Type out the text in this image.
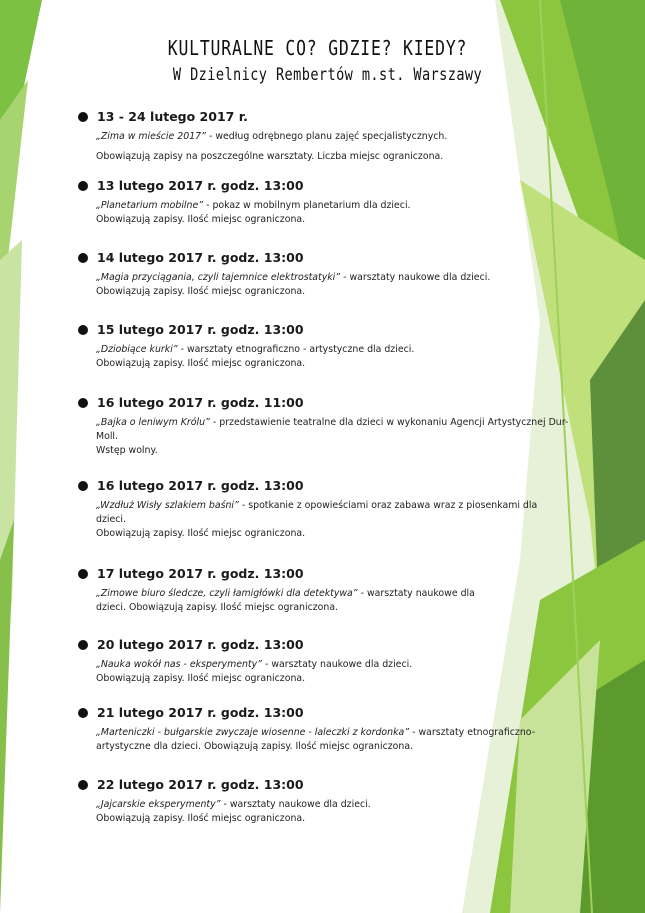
KULTURALNE CO? GDZIE? KIEDY?
W Dzielnicy Rembertów m.st. Warszawy
13 - 24 lutego 2017 r.
„Zima w mieście 2017” - według odrębnego planu zajęć specjalistycznych.
Obowiązują zapisy na poszczególne warsztaty. Liczba miejsc ograniczona.
13 lutego 2017 r. godz. 13:00
„Planetarium mobilne” - pokaz w mobilnym planetarium dla dzieci.
Obowiązują zapisy. Ilość miejsc ograniczona.
14 lutego 2017 r. godz. 13:00
„Magia przyciągania, czyli tajemnice elektrostatyki” - warsztaty naukowe dla dzieci.
Obowiązują zapisy. Ilość miejsc ograniczona.
15 lutego 2017 r. godz. 13:00
„Dziobiące kurki” - warsztaty etnograficzno - artystyczne dla dzieci.
Obowiązują zapisy. Ilość miejsc ograniczona.
16 lutego 2017 r. godz. 11:00
„Bajka o leniwym Królu” - przedstawienie teatralne dla dzieci w wykonaniu Agencji Artystycznej Dur-Moll.
Wstęp wolny.
16 lutego 2017 r. godz. 13:00
„Wzdłuż Wisły szlakiem baśni” - spotkanie z opowieściami oraz zabawa wraz z piosenkami dla dzieci.
Obowiązują zapisy. Ilość miejsc ograniczona.
17 lutego 2017 r. godz. 13:00
„Zimowe biuro śledcze, czyli łamigłówki dla detektywa” - warsztaty naukowe dla dzieci. Obowiązują zapisy. Ilość miejsc ograniczona.
20 lutego 2017 r. godz. 13:00
„Nauka wokół nas - eksperymenty” - warsztaty naukowe dla dzieci.
Obowiązują zapisy. Ilość miejsc ograniczona.
21 lutego 2017 r. godz. 13:00
„Marteniczki - bułgarskie zwyczaje wiosenne - laleczki z kordonka” - warsztaty etnograficzno-artystyczne dla dzieci. Obowiązują zapisy. Ilość miejsc ograniczona.
22 lutego 2017 r. godz. 13:00
„Jajcarskie eksperymenty” - warsztaty naukowe dla dzieci.
Obowiązują zapisy. Ilość miejsc ograniczona.
